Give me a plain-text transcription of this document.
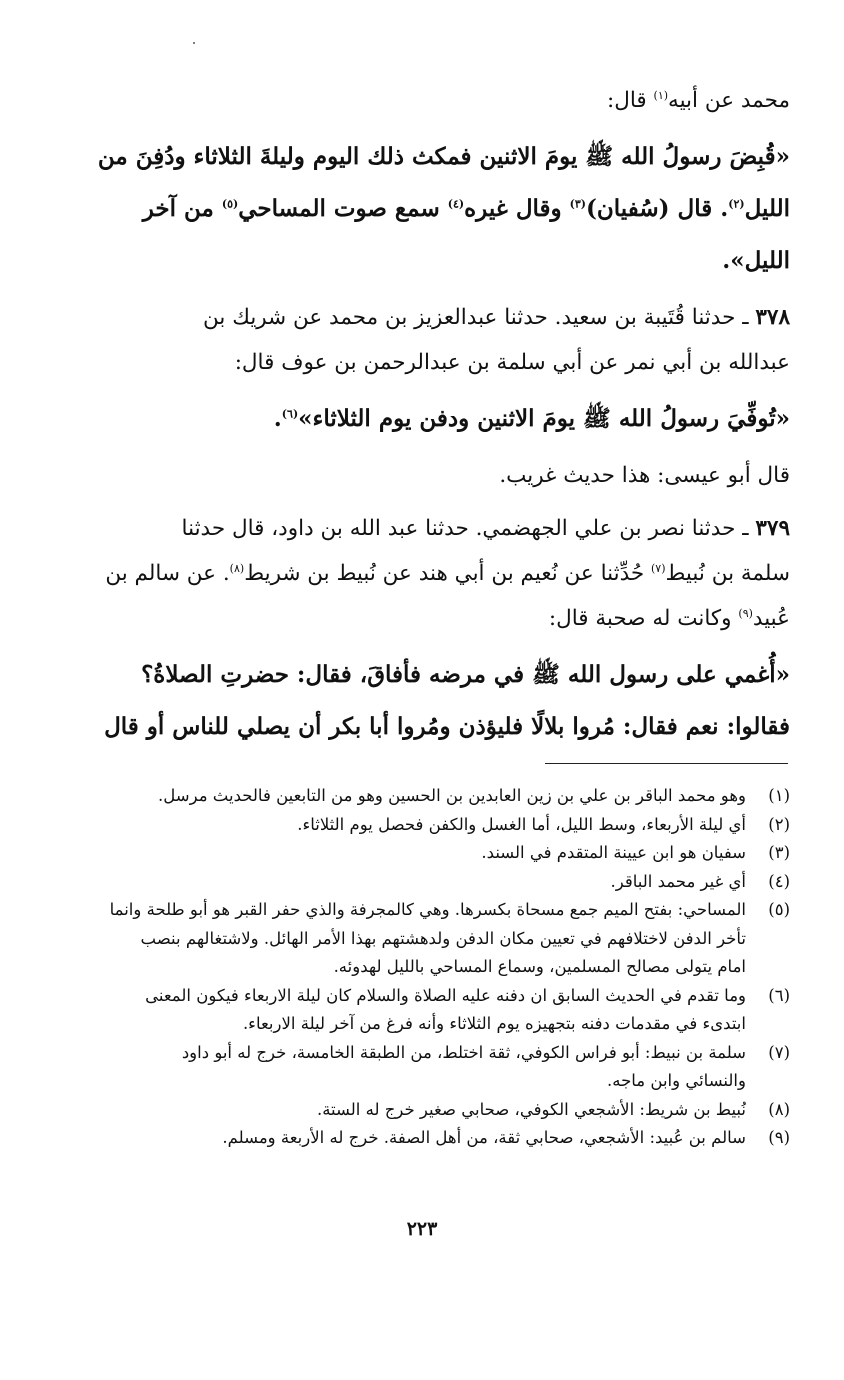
محمد عن أبيه$^{(١)}$ قال:

«قُبِضَ رسولُ الله ﷺ يومَ الاثنين فمكث ذلك اليوم وليلةَ الثلاثاء ودُفِنَ من

الليل$^{(٢)}$. قال (سُفيان)$^{(٣)}$ وقال غيره$^{(٤)}$ سمع صوت المساحي$^{(٥)}$ من آخر

الليل».

٣٧٨ ـ حدثنا قُتَيبة بن سعيد. حدثنا عبدالعزيز بن محمد عن شريك بن

عبدالله بن أبي نمر عن أبي سلمة بن عبدالرحمن بن عوف قال:

«تُوفِّيَ رسولُ الله ﷺ يومَ الاثنين ودفن يوم الثلاثاء»$^{(٦)}$.

قال أبو عيسى: هذا حديث غريب.

٣٧٩ ـ حدثنا نصر بن علي الجهضمي. حدثنا عبد الله بن داود، قال حدثنا

سلمة بن نُبيط$^{(٧)}$ حُدِّثنا عن نُعيم بن أبي هند عن نُبيط بن شريط$^{(٨)}$. عن سالم بن

عُبيد$^{(٩)}$ وكانت له صحبة قال:

«أُغمي على رسول الله ﷺ في مرضه فأفاقَ، فقال: حضرتِ الصلاةُ؟

فقالوا: نعم فقال: مُروا بلالًا فليؤذن ومُروا أبا بكر أن يصلي للناس أو قال

(١)
وهو محمد الباقر بن علي بن زين العابدين بن الحسين وهو من التابعين فالحديث مرسل.
(٢)
أي ليلة الأربعاء، وسط الليل، أما الغسل والكفن فحصل يوم الثلاثاء.
(٣)
سفيان هو ابن عيينة المتقدم في السند.
(٤)
أي غير محمد الباقر.
(٥)
المساحي: بفتح الميم جمع مسحاة بكسرها. وهي كالمجرفة والذي حفر القبر هو أبو طلحة وانما
تأخر الدفن لاختلافهم في تعيين مكان الدفن ولدهشتهم بهذا الأمر الهائل. ولاشتغالهم بنصب
امام يتولى مصالح المسلمين، وسماع المساحي بالليل لهدوئه.
(٦)
وما تقدم في الحديث السابق ان دفنه عليه الصلاة والسلام كان ليلة الاربعاء فيكون المعنى
ابتدىء في مقدمات دفنه بتجهيزه يوم الثلاثاء وأنه فرغ من آخر ليلة الاربعاء.
(٧)
سلمة بن نبيط: أبو فراس الكوفي، ثقة اختلط، من الطبقة الخامسة، خرج له أبو داود
والنسائي وابن ماجه.
(٨)
نُبيط بن شريط: الأشجعي الكوفي، صحابي صغير خرج له الستة.
(٩)
سالم بن عُبيد: الأشجعي، صحابي ثقة، من أهل الصفة. خرج له الأربعة ومسلم.
٢٢٣
